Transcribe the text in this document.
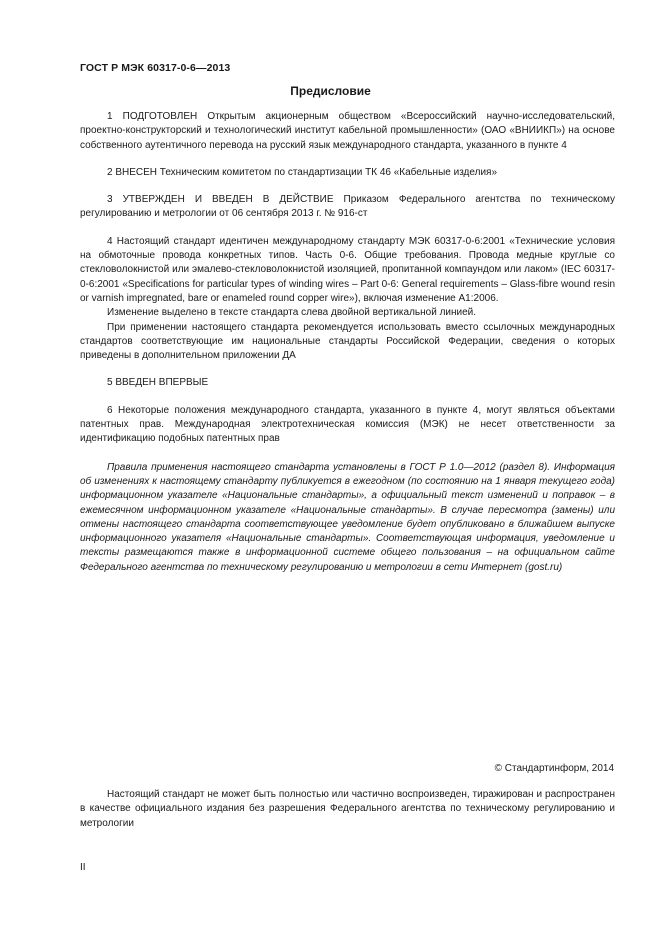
ГОСТ Р МЭК 60317-0-6—2013
Предисловие

1 ПОДГОТОВЛЕН Открытым акционерным обществом «Всероссийский научно-исследовательский, проектно-конструкторский и технологический институт кабельной промышленности» (ОАО «ВНИИКП») на основе собственного аутентичного перевода на русский язык международного стандарта, указанного в пункте 4

2 ВНЕСЕН Техническим комитетом по стандартизации ТК 46 «Кабельные изделия»

3 УТВЕРЖДЕН И ВВЕДЕН В ДЕЙСТВИЕ Приказом Федерального агентства по техническому регулированию и метрологии от 06 сентября 2013 г. № 916-ст

4 Настоящий стандарт идентичен международному стандарту МЭК 60317-0-6:2001 «Технические условия на обмоточные провода конкретных типов. Часть 0-6. Общие требования. Провода медные круглые со стекловолокнистой или эмалево-стекловолокнистой изоляцией, пропитанной компаундом или лаком» (IEC 60317-0-6:2001 «Specifications for particular types of winding wires – Part 0-6: General requirements – Glass-fibre wound resin or varnish impregnated, bare or enameled round copper wire»), включая изменение А1:2006.

Изменение выделено в тексте стандарта слева двойной вертикальной линией.

При применении настоящего стандарта рекомендуется использовать вместо ссылочных международных стандартов соответствующие им национальные стандарты Российской Федерации, сведения о которых приведены в дополнительном приложении ДА

5 ВВЕДЕН ВПЕРВЫЕ

6 Некоторые положения международного стандарта, указанного в пункте 4, могут являться объектами патентных прав. Международная электротехническая комиссия (МЭК) не несет ответственности за идентификацию подобных патентных прав

Правила применения настоящего стандарта установлены в ГОСТ Р 1.0—2012 (раздел 8). Информация об изменениях к настоящему стандарту публикуется в ежегодном (по состоянию на 1 января текущего года) информационном указателе «Национальные стандарты», а официальный текст изменений и поправок – в ежемесячном информационном указателе «Национальные стандарты». В случае пересмотра (замены) или отмены настоящего стандарта соответствующее уведомление будет опубликовано в ближайшем выпуске информационного указателя «Национальные стандарты». Соответствующая информация, уведомление и тексты размещаются также в информационной системе общего пользования – на официальном сайте Федерального агентства по техническому регулированию и метрологии в сети Интернет (gost.ru)

© Стандартинформ, 2014

Настоящий стандарт не может быть полностью или частично воспроизведен, тиражирован и распространен в качестве официального издания без разрешения Федерального агентства по техническому регулированию и метрологии

II
